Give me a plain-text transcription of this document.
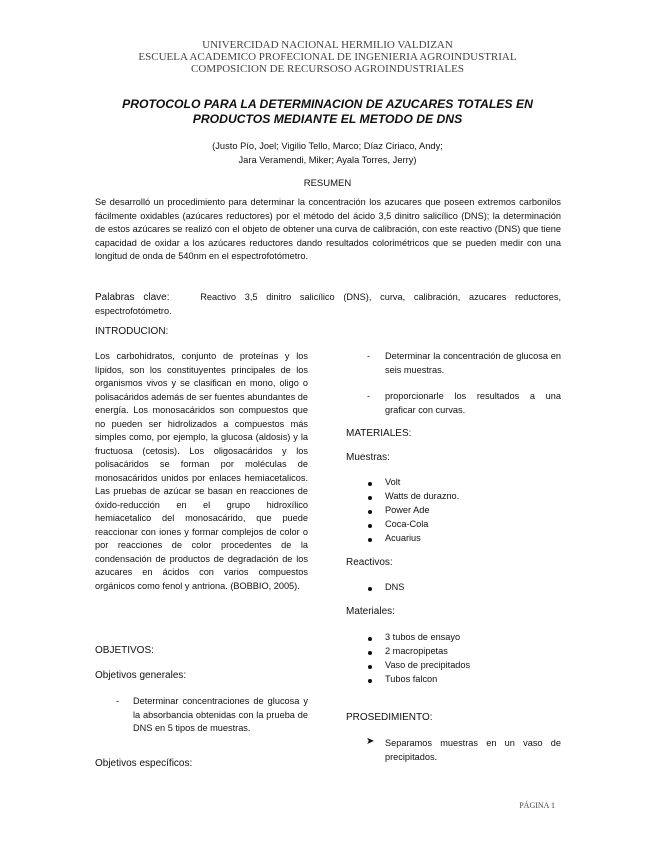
UNIVERCIDAD NACIONAL HERMILIO VALDIZAN
ESCUELA ACADEMICO PROFECIONAL DE INGENIERIA AGROINDUSTRIAL
COMPOSICION DE RECURSOSO AGROINDUSTRIALES
PROTOCOLO PARA LA DETERMINACION DE AZUCARES TOTALES EN PRODUCTOS MEDIANTE EL METODO DE DNS
(Justo Pío, Joel; Vigilio Tello, Marco; Díaz Ciriaco, Andy;
Jara Veramendi, Miker; Ayala Torres, Jerry)
RESUMEN
Se desarrolló un procedimiento para determinar la concentración los azucares que poseen extremos carbonilos fácilmente oxidables (azúcares reductores) por el método del ácido 3,5 dinitro salicílico (DNS); la determinación de estos azúcares se realizó con el objeto de obtener una curva de calibración, con este reactivo (DNS) que tiene capacidad de oxidar a los azúcares reductores dando resultados colorimétricos que se pueden medir con una longitud de onda de 540nm en el espectrofotómetro.
Palabras clave:	Reactivo 3,5 dinitro salicílico (DNS), curva, calibración, azucares reductores, espectrofotómetro.
INTRODUCION:
Los carbohidratos, conjunto de proteínas y los lípidos, son los constituyentes principales de los organismos vivos y se clasifican en mono, oligo o polisacáridos además de ser fuentes abundantes de energía. Los monosacáridos son compuestos que no pueden ser hidrolizados a compuestos más simples como, por ejemplo, la glucosa (aldosis) y la fructuosa (cetosis). Los oligosacáridos y los polisacáridos se forman por moléculas de monosacáridos unidos por enlaces hemiacetalicos. Las pruebas de azúcar se basan en reacciones de óxido-reducción en el grupo hidroxílico hemiacetalico del monosacárido, que puede reaccionar con iones y formar complejos de color o por reacciones de color procedentes de la condensación de productos de degradación de los azucares en ácidos con varios compuestos orgánicos como fenol y antriona. (BOBBIO, 2005).
OBJETIVOS:
Objetivos generales:
- Determinar concentraciones de glucosa y la absorbancia obtenidas con la prueba de DNS en 5 tipos de muestras.
Objetivos específicos:
- Determinar la concentración de glucosa en seis muestras.
- proporcionarle los resultados a una graficar con curvas.
MATERIALES:
Muestras:
Volt
Watts de durazno.
Power Ade
Coca-Cola
Acuarius
Reactivos:
DNS
Materiales:
3 tubos de ensayo
2 macropipetas
Vaso de precipitados
Tubos falcon
PROSEDIMIENTO:
➤ Separamos muestras en un vaso de precipitados.
PÁGINA 1
